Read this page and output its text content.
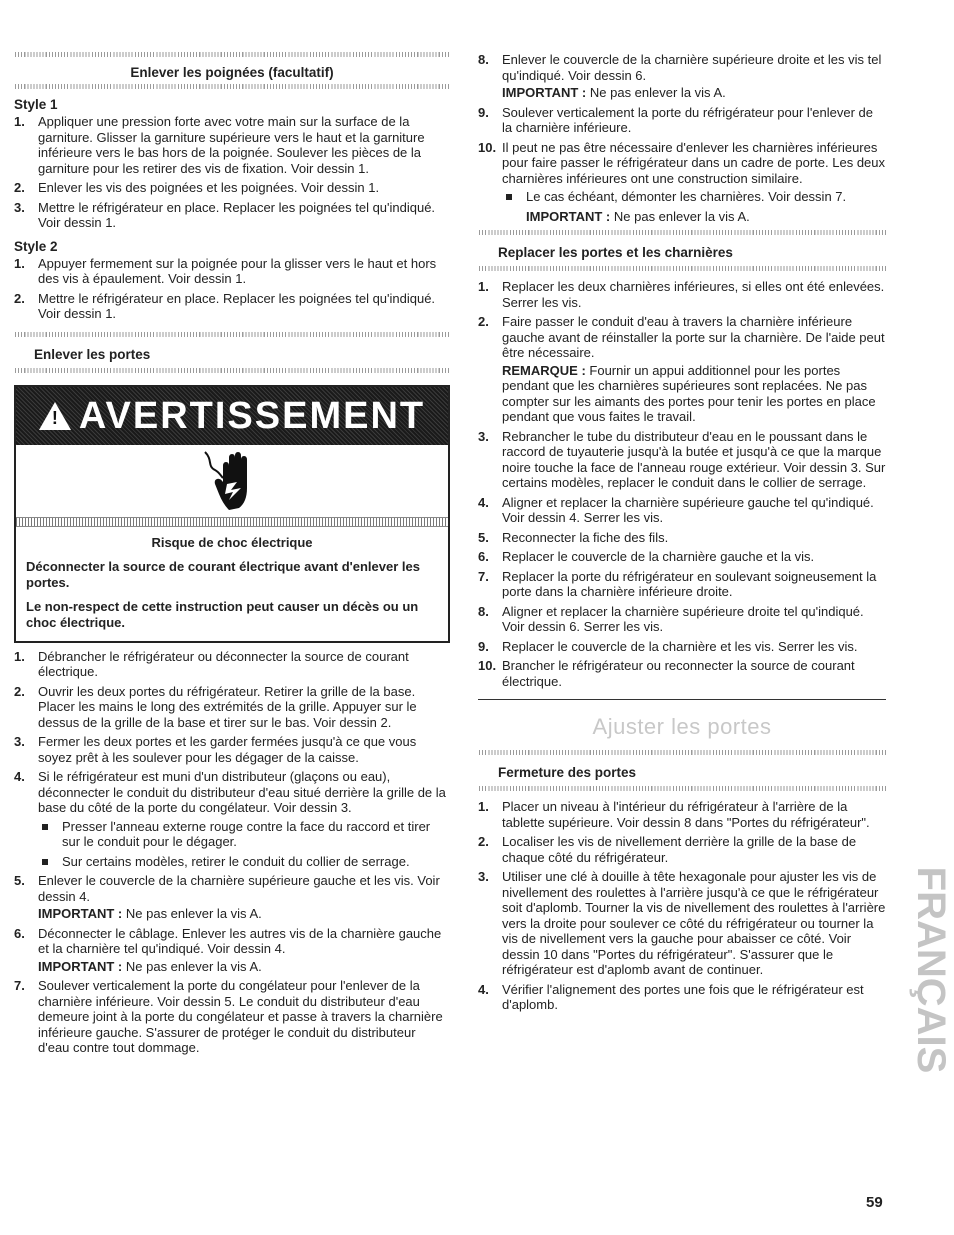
Enlever les poignées (facultatif)
Style 1
1. Appliquer une pression forte avec votre main sur la surface de la garniture. Glisser la garniture supérieure vers le haut et la garniture inférieure vers le bas hors de la poignée. Soulever les pièces de la garniture pour les retirer des vis de fixation. Voir dessin 1.
2. Enlever les vis des poignées et les poignées. Voir dessin 1.
3. Mettre le réfrigérateur en place. Replacer les poignées tel qu'indiqué. Voir dessin 1.
Style 2
1. Appuyer fermement sur la poignée pour la glisser vers le haut et hors des vis à épaulement. Voir dessin 1.
2. Mettre le réfrigérateur en place. Replacer les poignées tel qu'indiqué. Voir dessin 1.
Enlever les portes
! AVERTISSEMENT
Risque de choc électrique

Déconnecter la source de courant électrique avant d'enlever les portes.

Le non-respect de cette instruction peut causer un décès ou un choc électrique.

1. Débrancher le réfrigérateur ou déconnecter la source de courant électrique.
2. Ouvrir les deux portes du réfrigérateur. Retirer la grille de la base. Placer les mains le long des extrémités de la grille. Appuyer sur le dessus de la grille de la base et tirer sur le bas. Voir dessin 2.
3. Fermer les deux portes et les garder fermées jusqu'à ce que vous soyez prêt à les soulever pour les dégager de la caisse.
4. Si le réfrigérateur est muni d'un distributeur (glaçons ou eau), déconnecter le conduit du distributeur d'eau situé derrière la grille de la base du côté de la porte du congélateur. Voir dessin 3.
Presser l'anneau externe rouge contre la face du raccord et tirer sur le conduit pour le dégager.
Sur certains modèles, retirer le conduit du collier de serrage.
5. Enlever le couvercle de la charnière supérieure gauche et les vis. Voir dessin 4.
IMPORTANT : Ne pas enlever la vis A.
6. Déconnecter le câblage. Enlever les autres vis de la charnière gauche et la charnière tel qu'indiqué. Voir dessin 4.
IMPORTANT : Ne pas enlever la vis A.
7. Soulever verticalement la porte du congélateur pour l'enlever de la charnière inférieure. Voir dessin 5. Le conduit du distributeur d'eau demeure joint à la porte du congélateur et passe à travers la charnière inférieure gauche. S'assurer de protéger le conduit du distributeur d'eau contre tout dommage.
8. Enlever le couvercle de la charnière supérieure droite et les vis tel qu'indiqué. Voir dessin 6.
IMPORTANT : Ne pas enlever la vis A.
9. Soulever verticalement la porte du réfrigérateur pour l'enlever de la charnière inférieure.
10. Il peut ne pas être nécessaire d'enlever les charnières inférieures pour faire passer le réfrigérateur dans un cadre de porte. Les deux charnières inférieures ont une construction similaire.
Le cas échéant, démonter les charnières. Voir dessin 7.
IMPORTANT : Ne pas enlever la vis A.
Replacer les portes et les charnières
1. Replacer les deux charnières inférieures, si elles ont été enlevées. Serrer les vis.
2. Faire passer le conduit d'eau à travers la charnière inférieure gauche avant de réinstaller la porte sur la charnière. De l'aide peut être nécessaire.
REMARQUE : Fournir un appui additionnel pour les portes pendant que les charnières supérieures sont replacées. Ne pas compter sur les aimants des portes pour tenir les portes en place pendant que vous faites le travail.
3. Rebrancher le tube du distributeur d'eau en le poussant dans le raccord de tuyauterie jusqu'à la butée et jusqu'à ce que la marque noire touche la face de l'anneau rouge extérieur. Voir dessin 3. Sur certains modèles, replacer le conduit dans le collier de serrage.
4. Aligner et replacer la charnière supérieure gauche tel qu'indiqué. Voir dessin 4. Serrer les vis.
5. Reconnecter la fiche des fils.
6. Replacer le couvercle de la charnière gauche et la vis.
7. Replacer la porte du réfrigérateur en soulevant soigneusement la porte dans la charnière inférieure droite.
8. Aligner et replacer la charnière supérieure droite tel qu'indiqué. Voir dessin 6. Serrer les vis.
9. Replacer le couvercle de la charnière et les vis. Serrer les vis.
10. Brancher le réfrigérateur ou reconnecter la source de courant électrique.
Ajuster les portes
Fermeture des portes
1. Placer un niveau à l'intérieur du réfrigérateur à l'arrière de la tablette supérieure. Voir dessin 8 dans "Portes du réfrigérateur".
2. Localiser les vis de nivellement derrière la grille de la base de chaque côté du réfrigérateur.
3. Utiliser une clé à douille à tête hexagonale pour ajuster les vis de nivellement des roulettes à l'arrière jusqu'à ce que le réfrigérateur soit d'aplomb. Tourner la vis de nivellement des roulettes à l'arrière vers la droite pour soulever ce côté du réfrigérateur ou tourner la vis de nivellement vers la gauche pour abaisser ce côté. Voir dessin 10 dans "Portes du réfrigérateur". S'assurer que le réfrigérateur est d'aplomb avant de continuer.
4. Vérifier l'alignement des portes une fois que le réfrigérateur est d'aplomb.	FRANÇAIS
59
